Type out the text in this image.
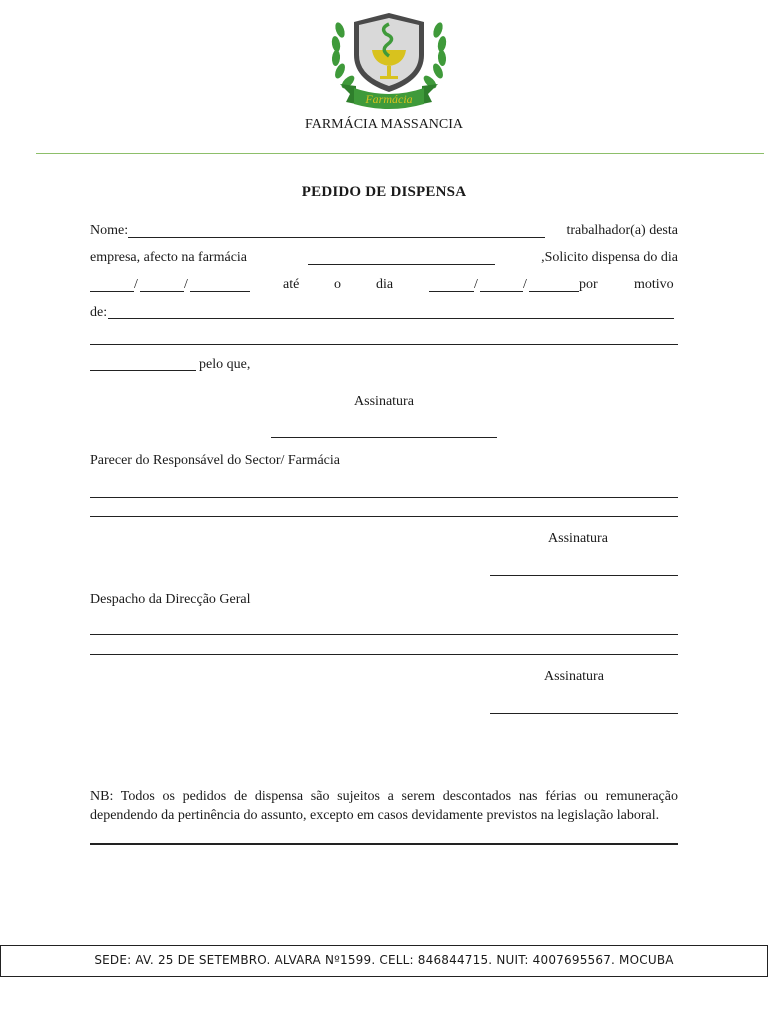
Farmácia
FARMÁCIA MASSANCIA
PEDIDO DE DISPENSA
Nome:	trabalhador(a) desta
empresa, afecto na farmácia	,Solicito dispensa do dia
/	/	até o	dia	/	/	por	motivo
de:
pelo que,
Assinatura
Parecer do Responsável do Sector/ Farmácia
Assinatura
Despacho da Direcção Geral
Assinatura
NB: Todos os pedidos de dispensa são sujeitos a serem descontados nas férias ou remuneração dependendo da pertinência do assunto, excepto em casos devidamente previstos na legislação laboral.
SEDE: AV. 25 DE SETEMBRO. ALVARA Nº1599. CELL: 846844715. NUIT: 4007695567. MOCUBA
